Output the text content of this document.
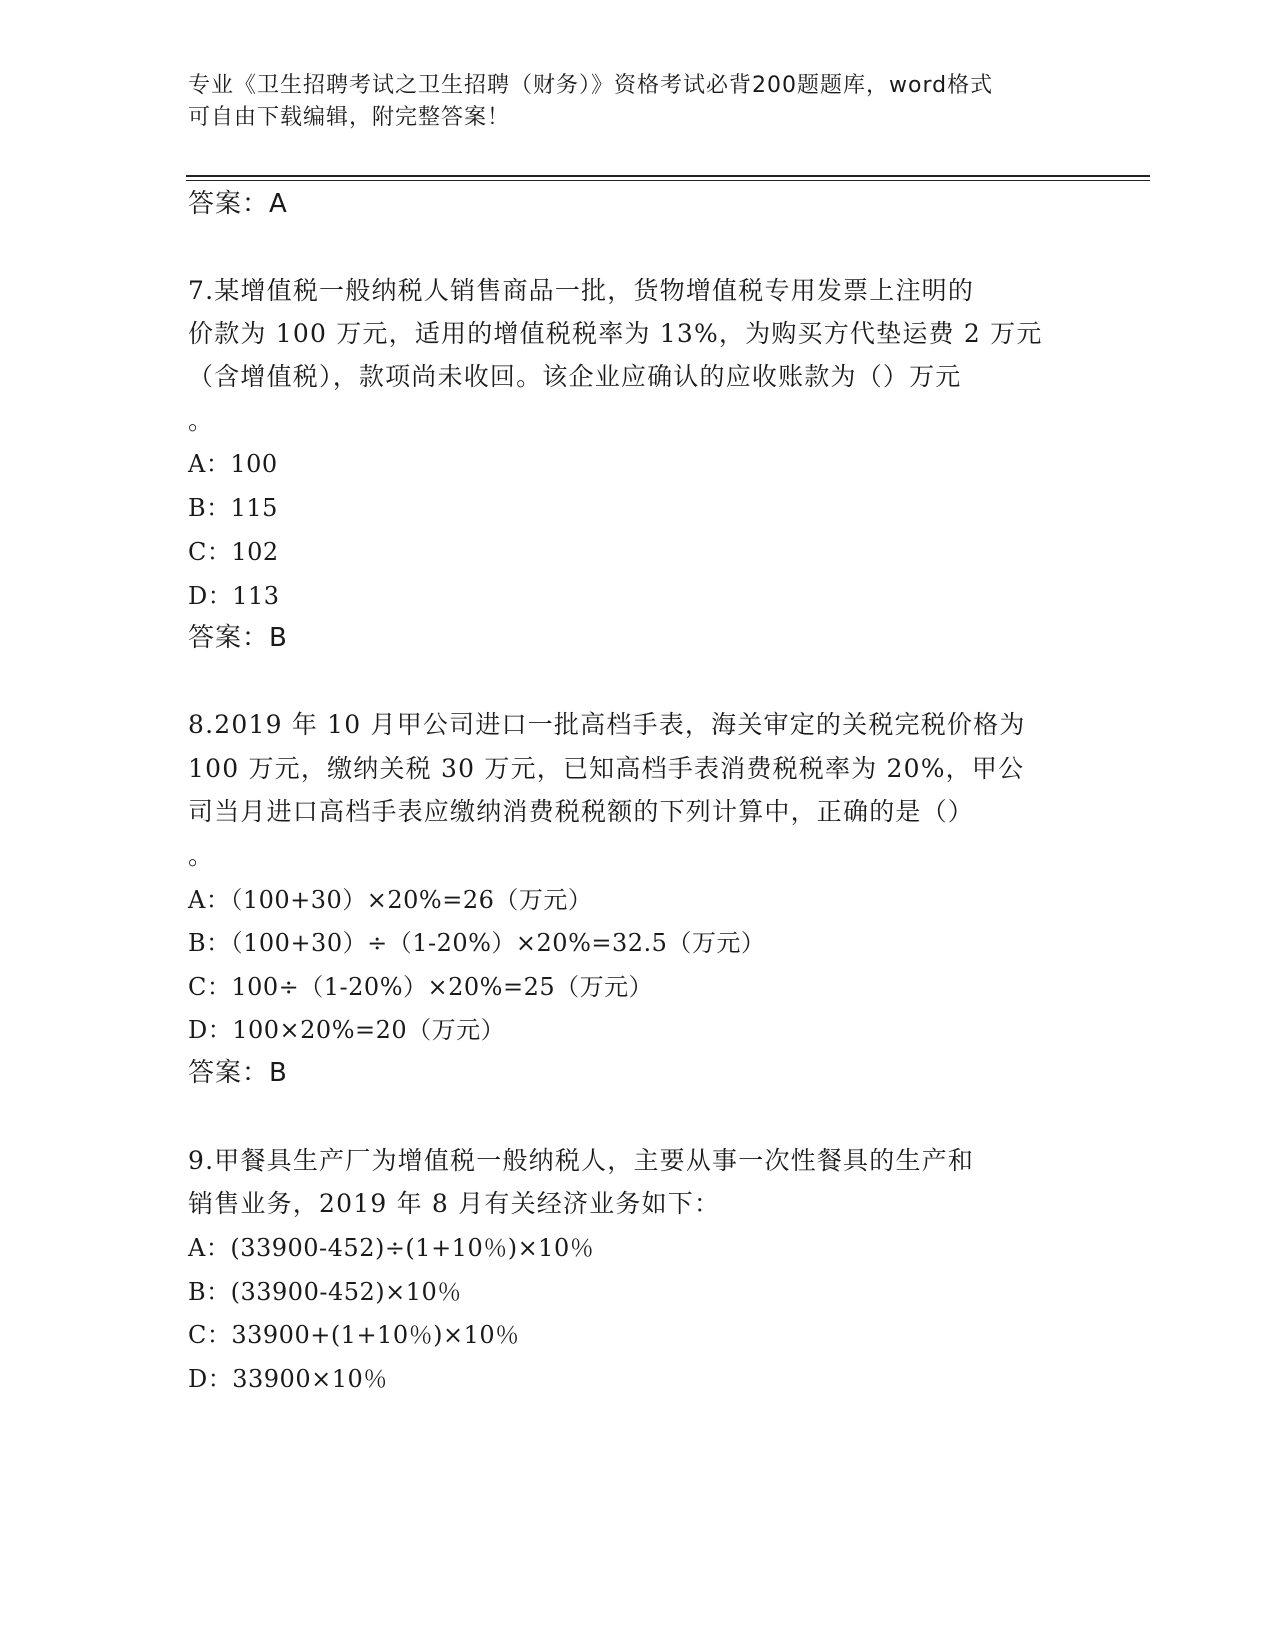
专业《卫生招聘考试之卫生招聘（财务）》资格考试必背200题题库，word格式
可自由下载编辑，附完整答案！
答案：A
7.某增值税一般纳税人销售商品一批，货物增值税专用发票上注明的
价款为 100 万元，适用的增值税税率为 13%，为购买方代垫运费 2 万元
（含增值税），款项尚未收回。该企业应确认的应收账款为（）万元
。
A：100
B：115
C：102
D：113
答案：B
8.2019 年 10 月甲公司进口一批高档手表，海关审定的关税完税价格为
100 万元，缴纳关税 30 万元，已知高档手表消费税税率为 20%，甲公
司当月进口高档手表应缴纳消费税税额的下列计算中，正确的是（）
。
A：（100+30）×20%=26（万元）
B：（100+30）÷（1-20%）×20%=32.5（万元）
C：100÷（1-20%）×20%=25（万元）
D：100×20%=20（万元）
答案：B
9.甲餐具生产厂为增值税一般纳税人，主要从事一次性餐具的生产和
销售业务，2019 年 8 月有关经济业务如下：
A：(33900-452)÷(1+10％)×10％
B：(33900-452)×10％
C：33900+(1+10％)×10％
D：33900×10％
